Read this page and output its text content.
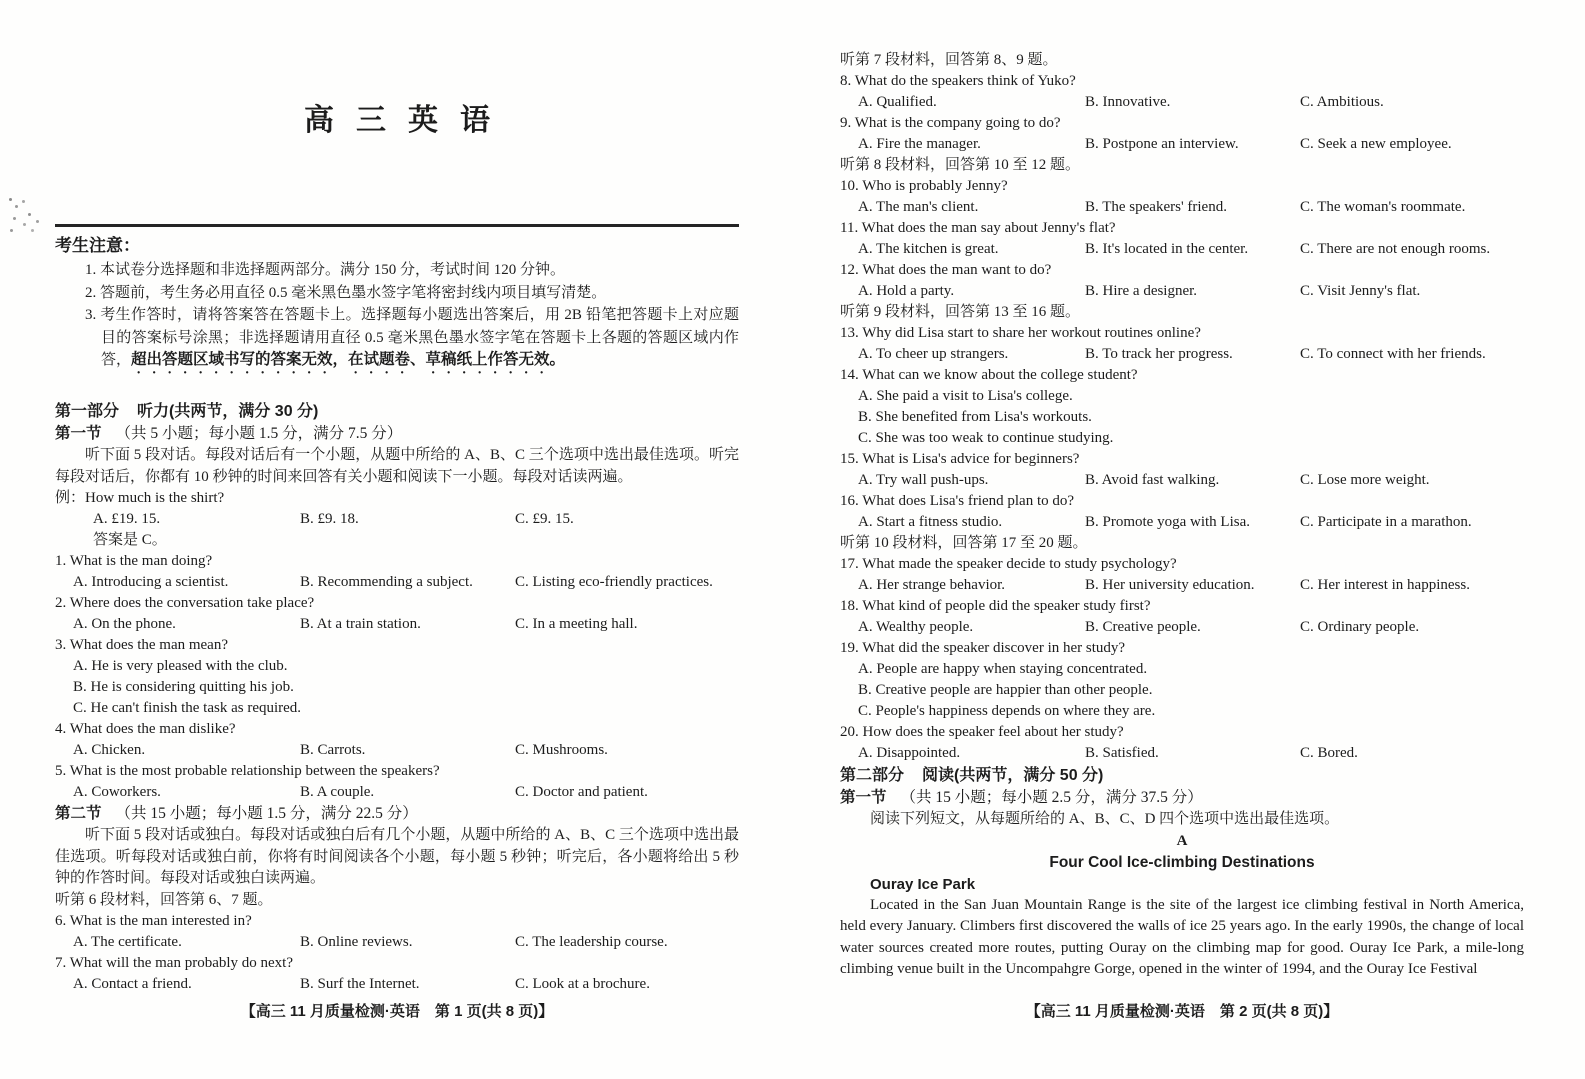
高三英语
考生注意：
1. 本试卷分选择题和非选择题两部分。满分 150 分，考试时间 120 分钟。
2. 答题前，考生务必用直径 0.5 毫米黑色墨水签字笔将密封线内项目填写清楚。
3. 考生作答时，请将答案答在答题卡上。选择题每小题选出答案后，用 2B 铅笔把答题卡上对应题目的答案标号涂黑；非选择题请用直径 0.5 毫米黑色墨水签字笔在答题卡上各题的答题区域内作答，超出答题区域书写的答案无效，在试题卷、草稿纸上作答无效。
第一部分 听力(共两节，满分 30 分)
第一节 （共 5 小题；每小题 1.5 分，满分 7.5 分）

听下面 5 段对话。每段对话后有一个小题，从题中所给的 A、B、C 三个选项中选出最佳选项。听完每段对话后，你都有 10 秒钟的时间来回答有关小题和阅读下一小题。每段对话读两遍。

例：How much is the shirt?
A. £19. 15.	B. £9. 18.	C. £9. 15.
答案是 C。
1. What is the man doing?
A. Introducing a scientist.	B. Recommending a subject.	C. Listing eco-friendly practices.
2. Where does the conversation take place?
A. On the phone.	B. At a train station.	C. In a meeting hall.
3. What does the man mean?
A. He is very pleased with the club.
B. He is considering quitting his job.
C. He can't finish the task as required.
4. What does the man dislike?
A. Chicken.	B. Carrots.	C. Mushrooms.
5. What is the most probable relationship between the speakers?
A. Coworkers.	B. A couple.	C. Doctor and patient.
第二节 （共 15 小题；每小题 1.5 分，满分 22.5 分）

听下面 5 段对话或独白。每段对话或独白后有几个小题，从题中所给的 A、B、C 三个选项中选出最佳选项。听每段对话或独白前，你将有时间阅读各个小题，每小题 5 秒钟；听完后，各小题将给出 5 秒钟的作答时间。每段对话或独白读两遍。

听第 6 段材料，回答第 6、7 题。
6. What is the man interested in?
A. The certificate.	B. Online reviews.	C. The leadership course.
7. What will the man probably do next?
A. Contact a friend.	B. Surf the Internet.	C. Look at a brochure.
【高三 11 月质量检测·英语　第 1 页(共 8 页)】
听第 7 段材料，回答第 8、9 题。
8. What do the speakers think of Yuko?
A. Qualified.	B. Innovative.	C. Ambitious.
9. What is the company going to do?
A. Fire the manager.	B. Postpone an interview.	C. Seek a new employee.
听第 8 段材料，回答第 10 至 12 题。
10. Who is probably Jenny?
A. The man's client.	B. The speakers' friend.	C. The woman's roommate.
11. What does the man say about Jenny's flat?
A. The kitchen is great.	B. It's located in the center.	C. There are not enough rooms.
12. What does the man want to do?
A. Hold a party.	B. Hire a designer.	C. Visit Jenny's flat.
听第 9 段材料，回答第 13 至 16 题。
13. Why did Lisa start to share her workout routines online?
A. To cheer up strangers.	B. To track her progress.	C. To connect with her friends.
14. What can we know about the college student?
A. She paid a visit to Lisa's college.
B. She benefited from Lisa's workouts.
C. She was too weak to continue studying.
15. What is Lisa's advice for beginners?
A. Try wall push-ups.	B. Avoid fast walking.	C. Lose more weight.
16. What does Lisa's friend plan to do?
A. Start a fitness studio.	B. Promote yoga with Lisa.	C. Participate in a marathon.
听第 10 段材料，回答第 17 至 20 题。
17. What made the speaker decide to study psychology?
A. Her strange behavior.	B. Her university education.	C. Her interest in happiness.
18. What kind of people did the speaker study first?
A. Wealthy people.	B. Creative people.	C. Ordinary people.
19. What did the speaker discover in her study?
A. People are happy when staying concentrated.
B. Creative people are happier than other people.
C. People's happiness depends on where they are.
20. How does the speaker feel about her study?
A. Disappointed.	B. Satisfied.	C. Bored.
第二部分 阅读(共两节，满分 50 分)
第一节 （共 15 小题；每小题 2.5 分，满分 37.5 分）

阅读下列短文，从每题所给的 A、B、C、D 四个选项中选出最佳选项。

A
Four Cool Ice-climbing Destinations
Ouray Ice Park

Located in the San Juan Mountain Range is the site of the largest ice climbing festival in North America, held every January. Climbers first discovered the walls of ice 25 years ago. In the early 1990s, the change of local water sources created more routes, putting Ouray on the climbing map for good. Ouray Ice Park, a mile-long climbing venue built in the Uncompahgre Gorge, opened in the winter of 1994, and the Ouray Ice Festival

【高三 11 月质量检测·英语　第 2 页(共 8 页)】
